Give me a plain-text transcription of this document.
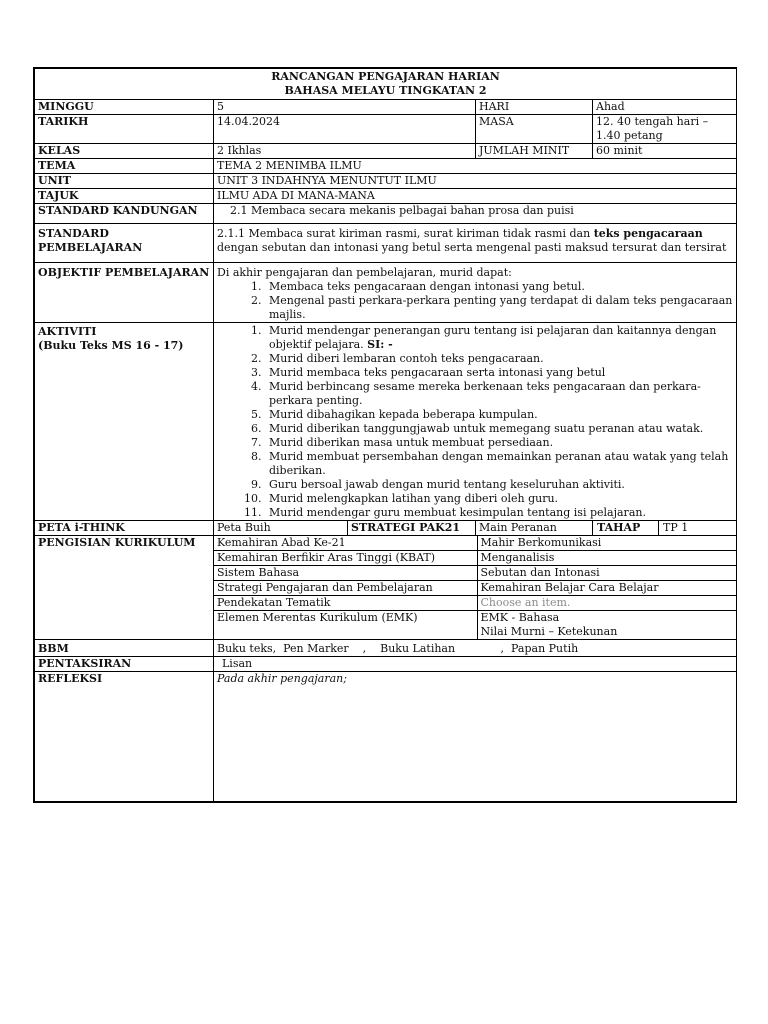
RANCANGAN PENGAJARAN HARIAN
BAHASA MELAYU TINGKATAN 2

MINGGU	5	HARI	Ahad
TARIKH	14.04.2024	MASA	12. 40 tengah hari – 1.40 petang
KELAS	2 Ikhlas	JUMLAH MINIT	60 minit
TEMA	TEMA 2 MENIMBA ILMU
UNIT	UNIT 3 INDAHNYA MENUNTUT ILMU
TAJUK	ILMU ADA DI MANA-MANA
STANDARD KANDUNGAN	2.1 Membaca secara mekanis pelbagai bahan prosa dan puisi
STANDARD PEMBELAJARAN	2.1.1 Membaca surat kiriman rasmi, surat kiriman tidak rasmi dan teks pengacaraan dengan sebutan dan intonasi yang betul serta mengenal pasti maksud tersurat dan tersirat
OBJEKTIF PEMBELAJARAN	Di akhir pengajaran dan pembelajaran, murid dapat:
1. Membaca teks pengacaraan dengan intonasi yang betul.
2. Mengenal pasti perkara-perkara penting yang terdapat di dalam teks pengacaraan majlis.

AKTIVITI
(Buku Teks MS 16 - 17)

1. Murid mendengar penerangan guru tentang isi pelajaran dan kaitannya dengan objektif pelajara. SI: -
2. Murid diberi lembaran contoh teks pengacaraan.
3. Murid membaca teks pengacaraan serta intonasi yang betul
4. Murid berbincang sesame mereka berkenaan teks pengacaraan dan perkara-perkara penting.
5. Murid dibahagikan kepada beberapa kumpulan.
6. Murid diberikan tanggungjawab untuk memegang suatu peranan atau watak.
7. Murid diberikan masa untuk membuat persediaan.
8. Murid membuat persembahan dengan memainkan peranan atau watak yang telah diberikan.
9. Guru bersoal jawab dengan murid tentang keseluruhan aktiviti.
10. Murid melengkapkan latihan yang diberi oleh guru.
11. Murid mendengar guru membuat kesimpulan tentang isi pelajaran.

PETA i-THINK	Peta Buih	STRATEGI PAK21	Main Peranan		TAHAP	TP 1

PENGISIAN KURIKULUM	Kemahiran Abad Ke-21	Mahir Berkomunikasi
Kemahiran Berfikir Aras Tinggi (KBAT)	Menganalisis
Sistem Bahasa	Sebutan dan Intonasi
Strategi Pengajaran dan Pembelajaran	Kemahiran Belajar Cara Belajar
Pendekatan Tematik	Choose an item.
Elemen Merentas Kurikulum (EMK)	EMK - Bahasa
Nilai Murni – Ketekunan

BBM	Buku teks,  Pen Marker    ,    Buku Latihan             ,  Papan Putih
PENTAKSIRAN	Lisan
REFLEKSI	Pada akhir pengajaran;
